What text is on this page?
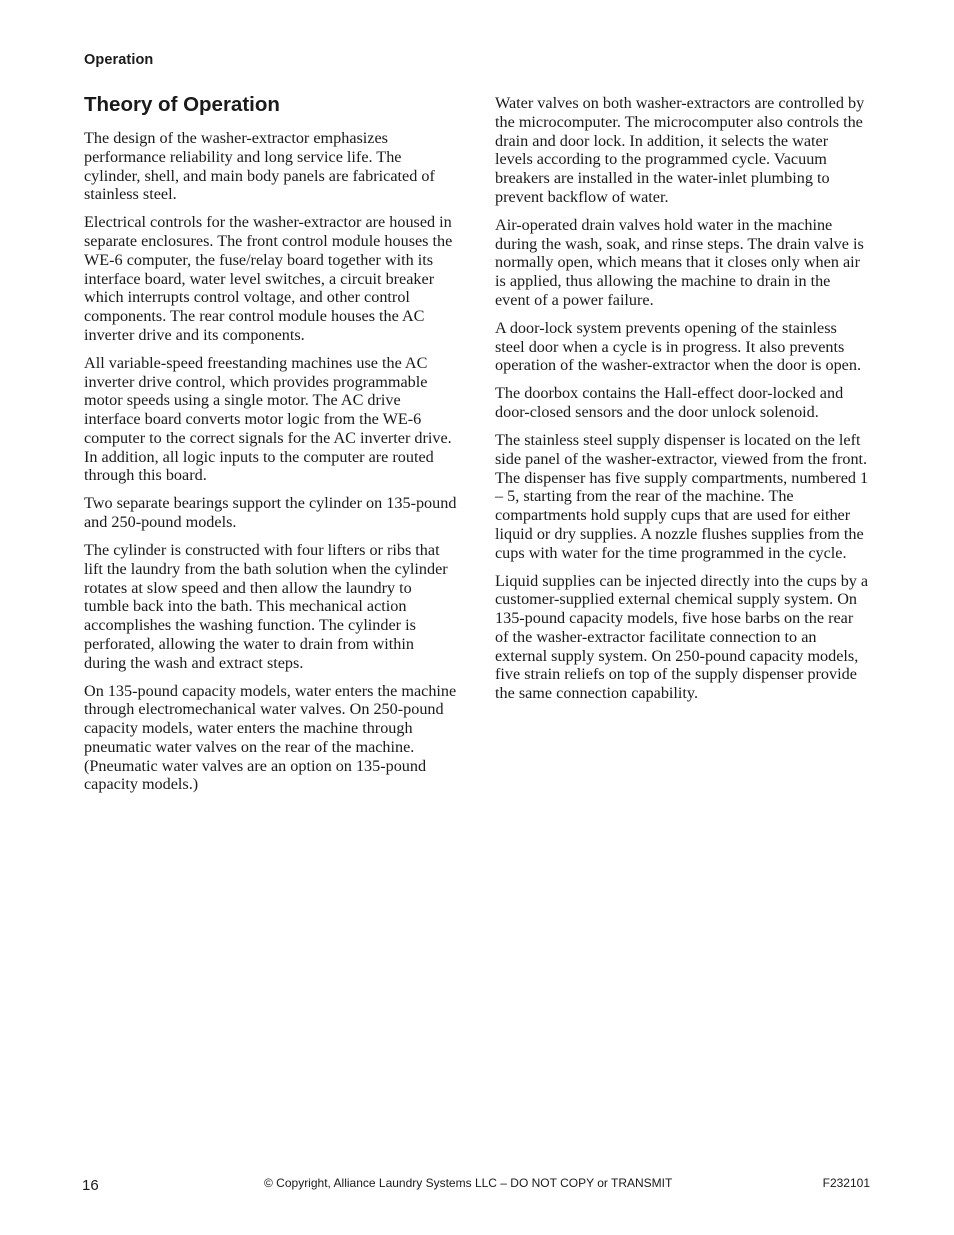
Operation
Theory of Operation

The design of the washer-extractor emphasizes performance reliability and long service life. The cylinder, shell, and main body panels are fabricated of stainless steel.

Electrical controls for the washer-extractor are housed in separate enclosures. The front control module houses the WE-6 computer, the fuse/relay board together with its interface board, water level switches, a circuit breaker which interrupts control voltage, and other control components. The rear control module houses the AC inverter drive and its components.

All variable-speed freestanding machines use the AC inverter drive control, which provides programmable motor speeds using a single motor. The AC drive interface board converts motor logic from the WE-6 computer to the correct signals for the AC inverter drive. In addition, all logic inputs to the computer are routed through this board.

Two separate bearings support the cylinder on 135-pound and 250-pound models.

The cylinder is constructed with four lifters or ribs that lift the laundry from the bath solution when the cylinder rotates at slow speed and then allow the laundry to tumble back into the bath. This mechanical action accomplishes the washing function. The cylinder is perforated, allowing the water to drain from within during the wash and extract steps.

On 135-pound capacity models, water enters the machine through electromechanical water valves. On 250-pound capacity models, water enters the machine through pneumatic water valves on the rear of the machine. (Pneumatic water valves are an option on 135-pound capacity models.)

Water valves on both washer-extractors are controlled by the microcomputer. The microcomputer also controls the drain and door lock. In addition, it selects the water levels according to the programmed cycle. Vacuum breakers are installed in the water-inlet plumbing to prevent backflow of water.

Air-operated drain valves hold water in the machine during the wash, soak, and rinse steps. The drain valve is normally open, which means that it closes only when air is applied, thus allowing the machine to drain in the event of a power failure.

A door-lock system prevents opening of the stainless steel door when a cycle is in progress. It also prevents operation of the washer-extractor when the door is open.

The doorbox contains the Hall-effect door-locked and door-closed sensors and the door unlock solenoid.

The stainless steel supply dispenser is located on the left side panel of the washer-extractor, viewed from the front. The dispenser has five supply compartments, numbered 1 – 5, starting from the rear of the machine. The compartments hold supply cups that are used for either liquid or dry supplies. A nozzle flushes supplies from the cups with water for the time programmed in the cycle.

Liquid supplies can be injected directly into the cups by a customer-supplied external chemical supply system. On 135-pound capacity models, five hose barbs on the rear of the washer-extractor facilitate connection to an external supply system. On 250-pound capacity models, five strain reliefs on top of the supply dispenser provide the same connection capability.

16	© Copyright, Alliance Laundry Systems LLC – DO NOT COPY or TRANSMIT	F232101
